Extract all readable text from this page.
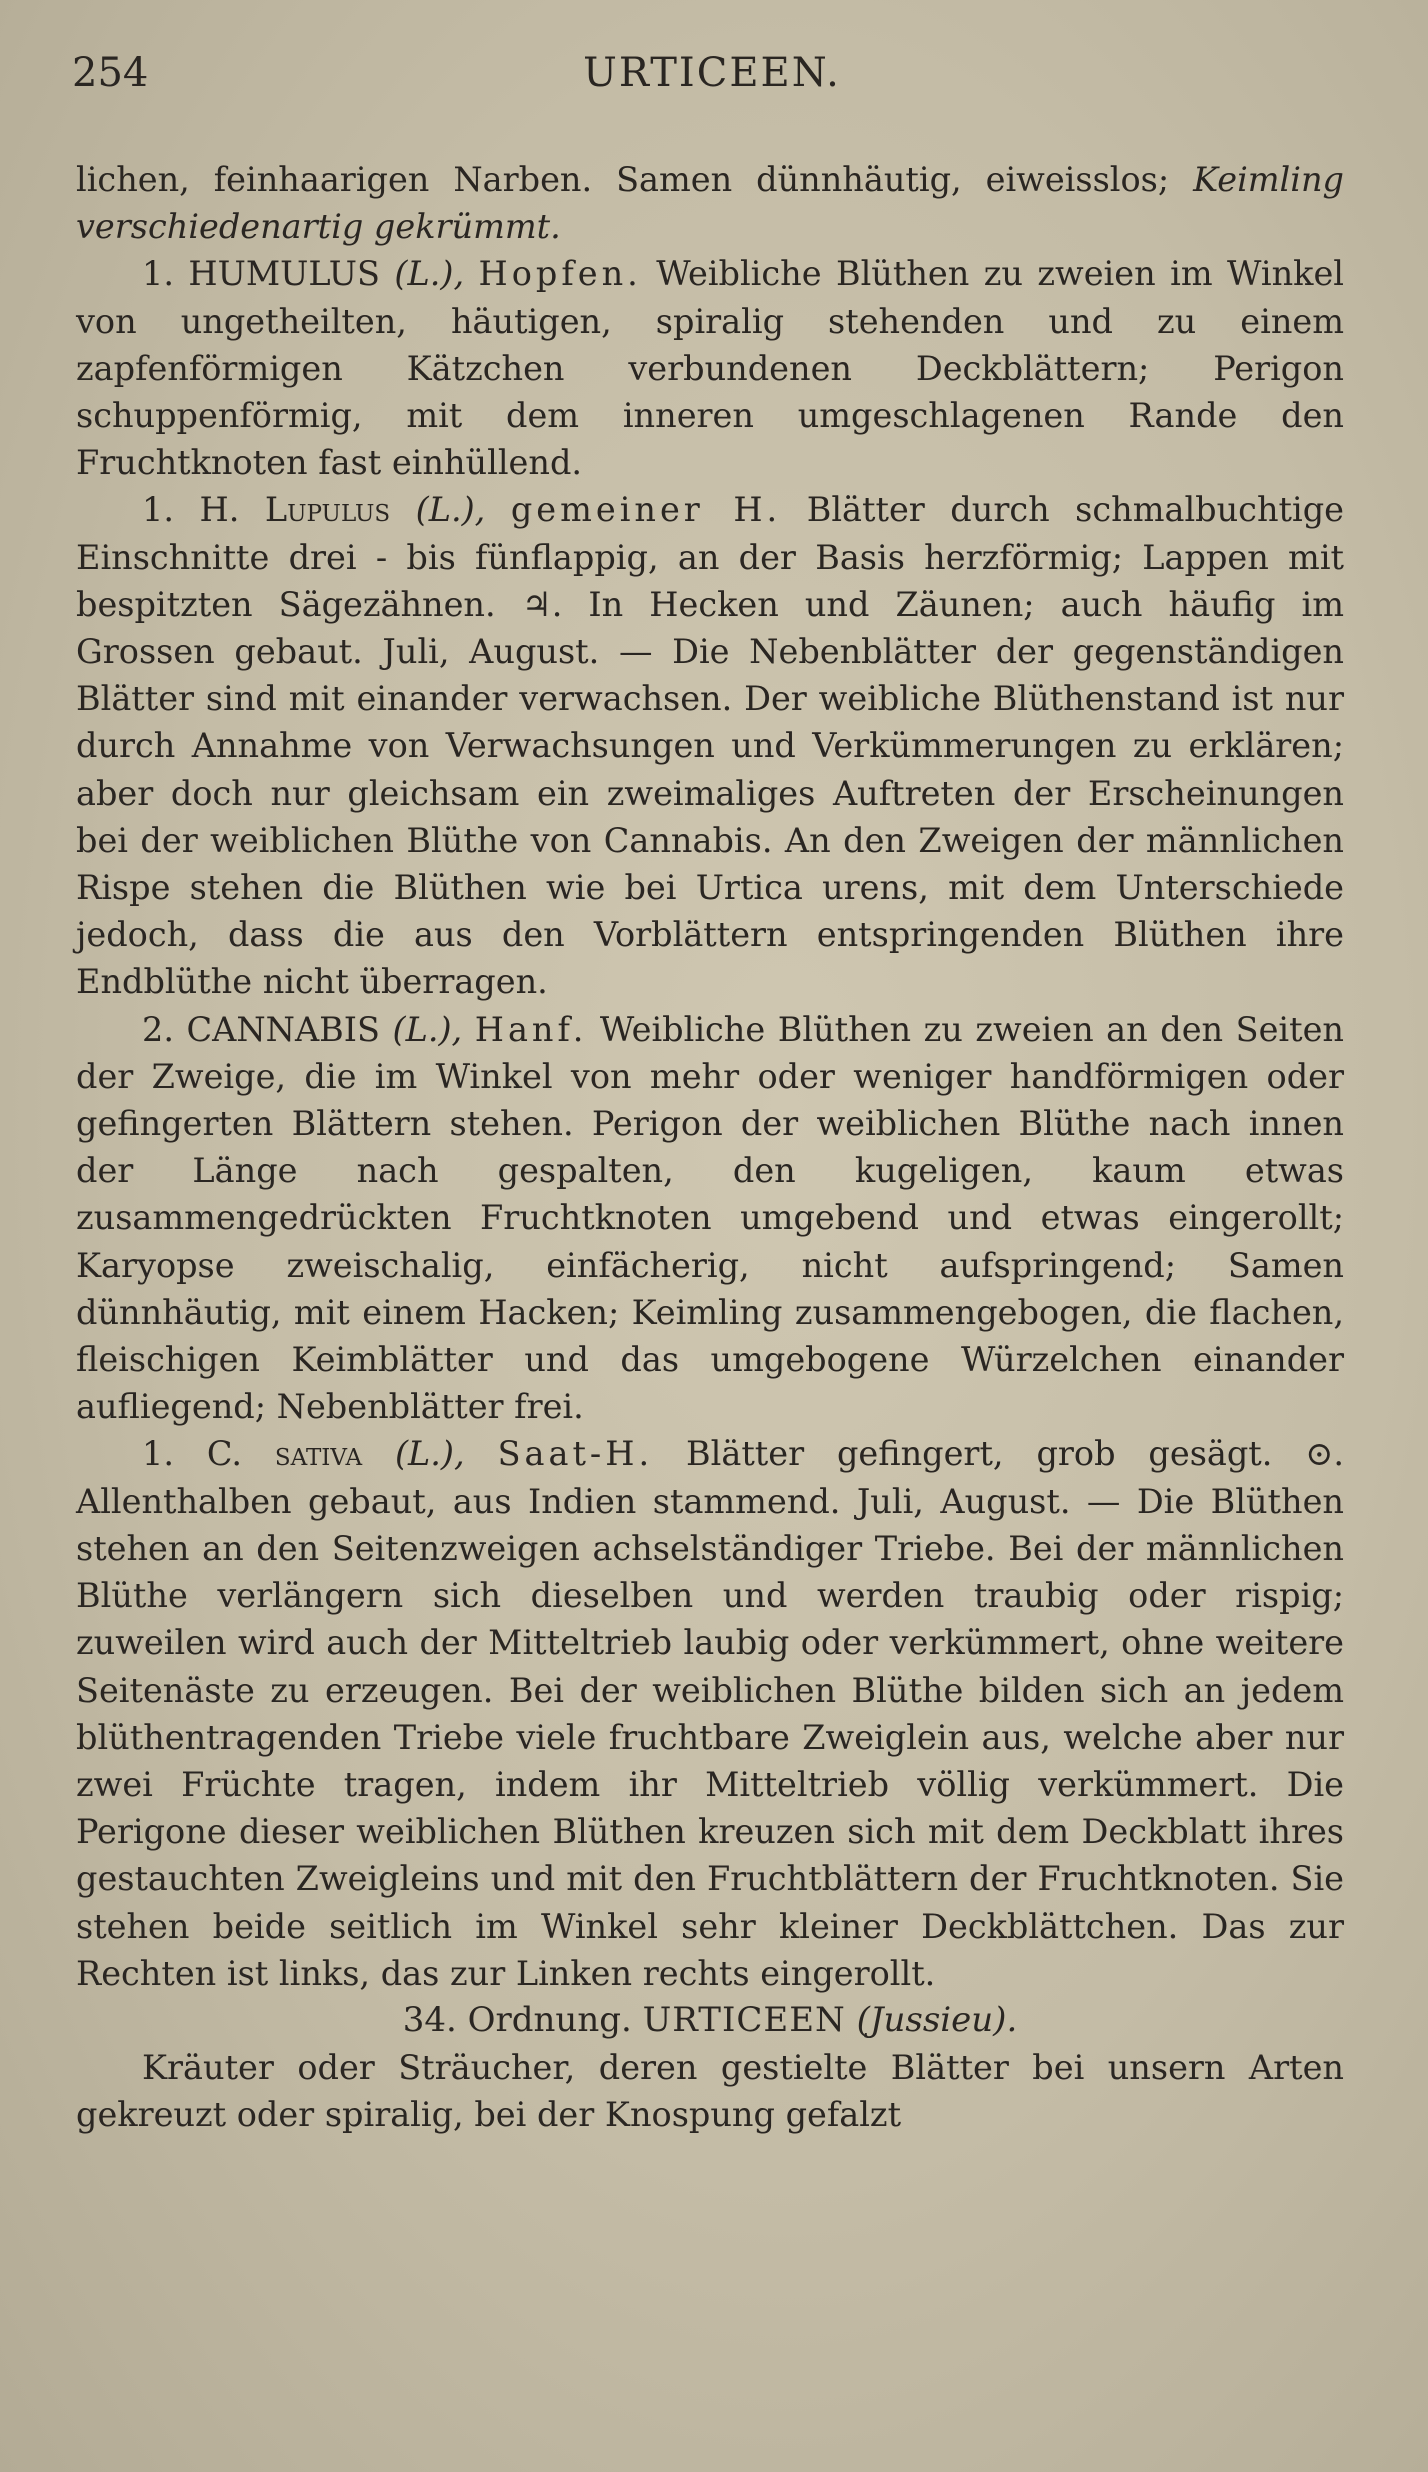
254	URTICEEN.

lichen, feinhaarigen Narben. Samen dünnhäutig, eiweisslos; Keimling verschiedenartig gekrümmt.

1. HUMULUS (L.), Hopfen. Weibliche Blüthen zu zweien im Winkel von ungetheilten, häutigen, spiralig stehenden und zu einem zapfenförmigen Kätzchen verbundenen Deckblättern; Perigon schuppenförmig, mit dem inneren umgeschlagenen Rande den Fruchtknoten fast einhüllend.

1. H. Lupulus (L.), gemeiner H. Blätter durch schmalbuchtige Einschnitte drei - bis fünflappig, an der Basis herzförmig; Lappen mit bespitzten Sägezähnen. ♃. In Hecken und Zäunen; auch häufig im Grossen gebaut. Juli, August. — Die Nebenblätter der gegenständigen Blätter sind mit einander verwachsen. Der weibliche Blüthenstand ist nur durch Annahme von Verwachsungen und Verkümmerungen zu erklären; aber doch nur gleichsam ein zweimaliges Auftreten der Erscheinungen bei der weiblichen Blüthe von Cannabis. An den Zweigen der männlichen Rispe stehen die Blüthen wie bei Urtica urens, mit dem Unterschiede jedoch, dass die aus den Vorblättern entspringenden Blüthen ihre Endblüthe nicht überragen.

2. CANNABIS (L.), Hanf. Weibliche Blüthen zu zweien an den Seiten der Zweige, die im Winkel von mehr oder weniger handförmigen oder gefingerten Blättern stehen. Perigon der weiblichen Blüthe nach innen der Länge nach gespalten, den kugeligen, kaum etwas zusammengedrückten Fruchtknoten umgebend und etwas eingerollt; Karyopse zweischalig, einfächerig, nicht aufspringend; Samen dünnhäutig, mit einem Hacken; Keimling zusammengebogen, die flachen, fleischigen Keimblätter und das umgebogene Würzelchen einander aufliegend; Nebenblätter frei.

1. C. sativa (L.), Saat-H. Blätter gefingert, grob gesägt. ⊙. Allenthalben gebaut, aus Indien stammend. Juli, August. — Die Blüthen stehen an den Seitenzweigen achselständiger Triebe. Bei der männlichen Blüthe verlängern sich dieselben und werden traubig oder rispig; zuweilen wird auch der Mitteltrieb laubig oder verkümmert, ohne weitere Seitenäste zu erzeugen. Bei der weiblichen Blüthe bilden sich an jedem blüthentragenden Triebe viele fruchtbare Zweiglein aus, welche aber nur zwei Früchte tragen, indem ihr Mitteltrieb völlig verkümmert. Die Perigone dieser weiblichen Blüthen kreuzen sich mit dem Deckblatt ihres gestauchten Zweigleins und mit den Fruchtblättern der Fruchtknoten. Sie stehen beide seitlich im Winkel sehr kleiner Deckblättchen. Das zur Rechten ist links, das zur Linken rechts eingerollt.

34. Ordnung. URTICEEN (Jussieu).

Kräuter oder Sträucher, deren gestielte Blätter bei unsern Arten gekreuzt oder spiralig, bei der Knospung gefalzt
